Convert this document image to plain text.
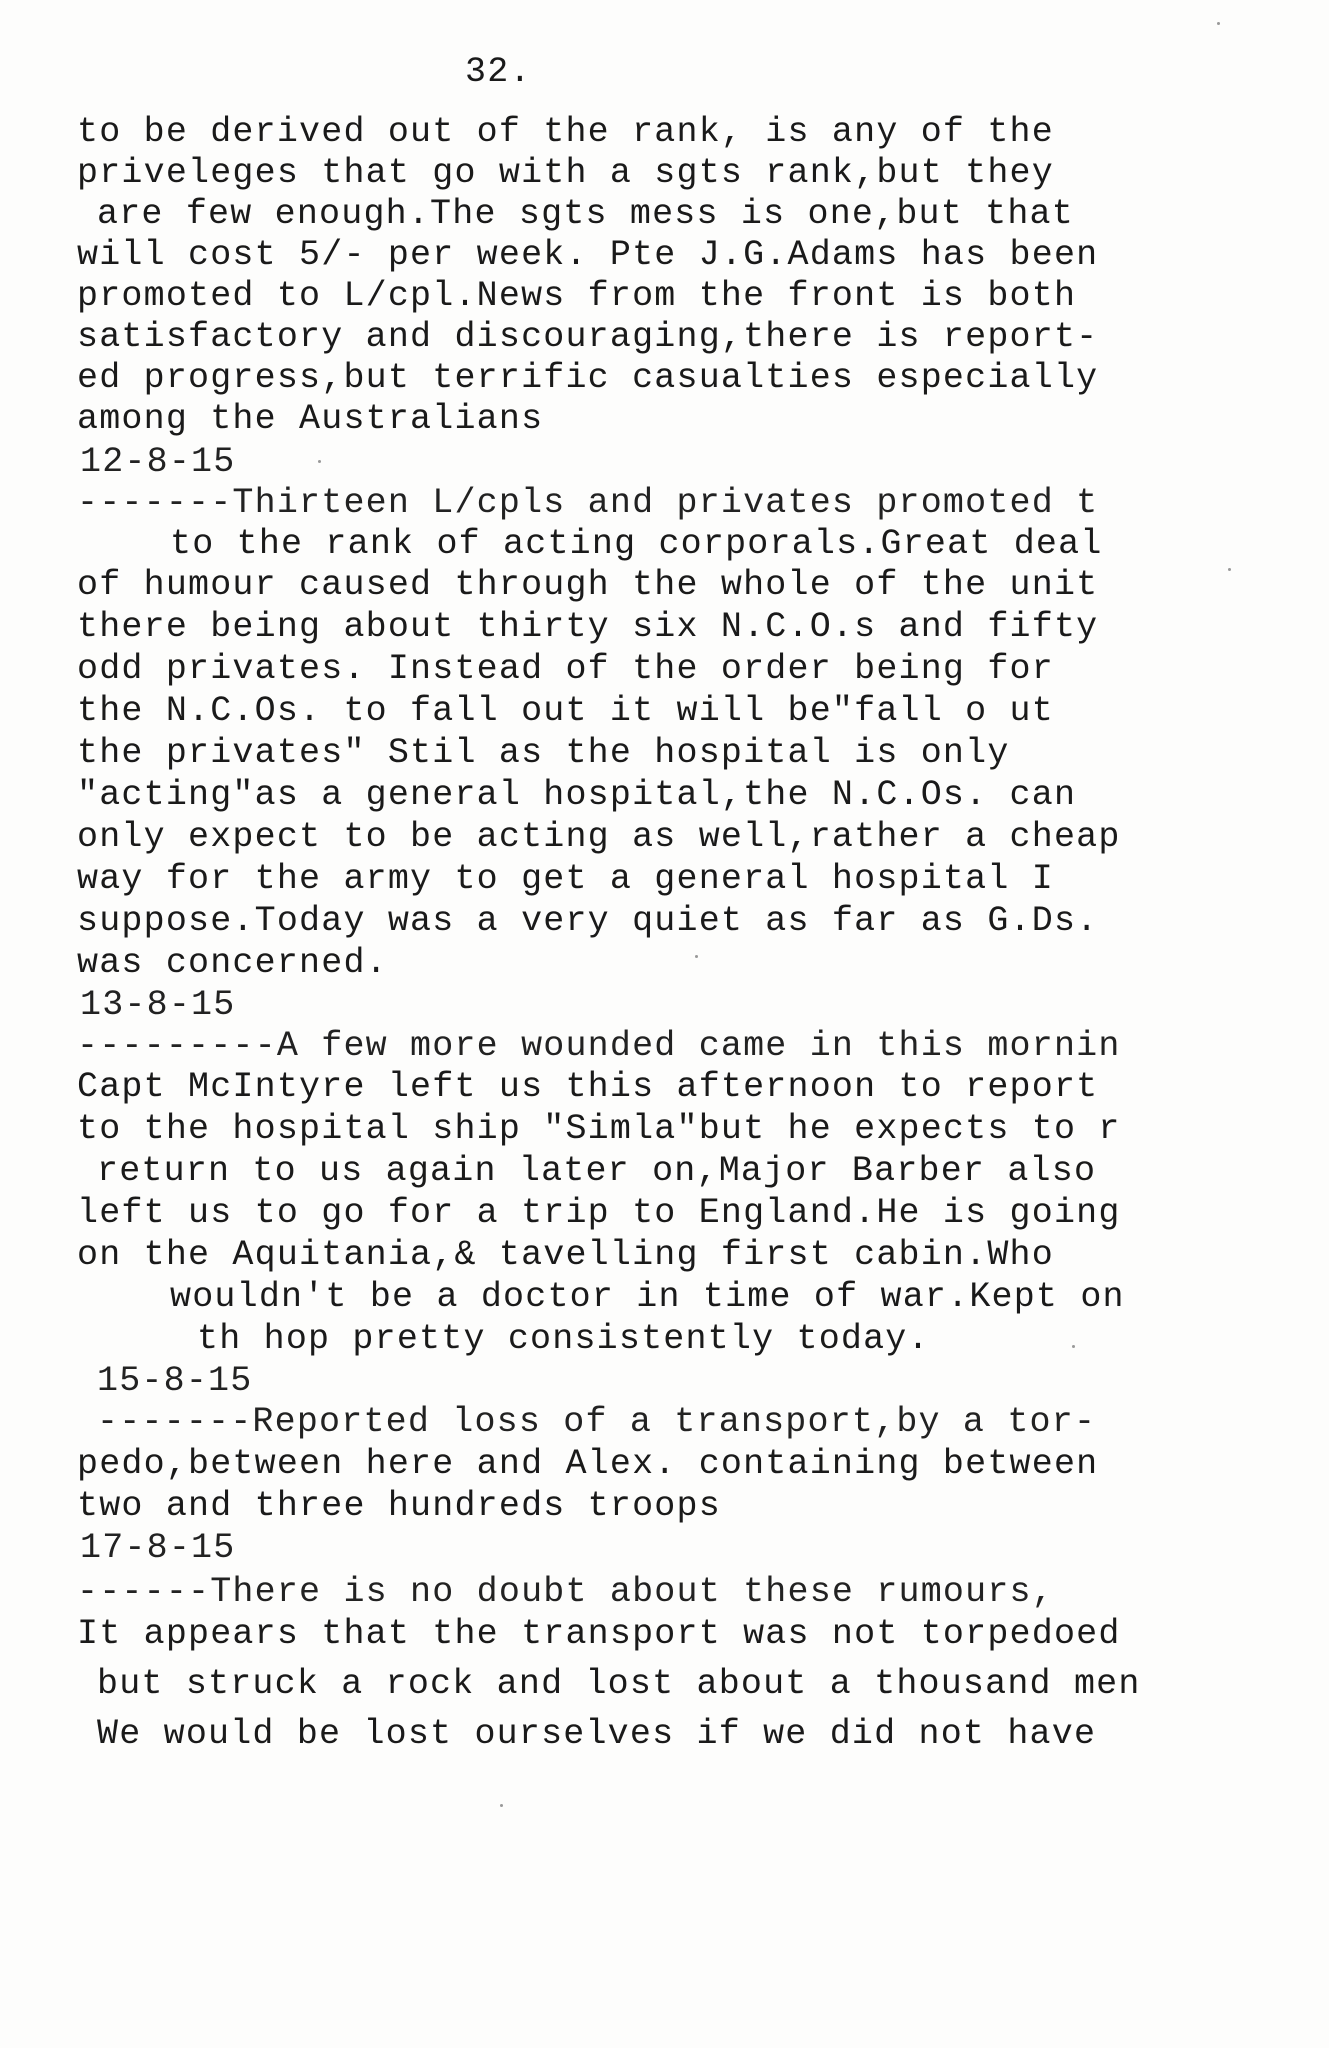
32.
to be derived out of the rank, is any of the
priveleges that go with a sgts rank,but they
are few enough.The sgts mess is one,but that
will cost 5/- per week. Pte J.G.Adams has been
promoted to L/cpl.News from the front is both
satisfactory and discouraging,there is report-
ed progress,but terrific casualties especially
among the Australians
12-8-15
-------Thirteen L/cpls and privates promoted t
to the rank of acting corporals.Great deal
of humour caused through the whole of the unit
there being about thirty six N.C.O.s and fifty
odd privates. Instead of the order being for
the N.C.Os. to fall out it will be"fall o ut
the privates" Stil as the hospital is only
"acting"as a general hospital,the N.C.Os. can
only expect to be acting as well,rather a cheap
way for the army to get a general hospital I
suppose.Today was a very quiet as far as G.Ds.
was concerned.
13-8-15
---------A few more wounded came in this mornin
Capt McIntyre left us this afternoon to report
to the hospital ship "Simla"but he expects to r
return to us again later on,Major Barber also
left us to go for a trip to England.He is going
on the Aquitania,& tavelling first cabin.Who
wouldn't be a doctor in time of war.Kept on
th hop pretty consistently today.
15-8-15
-------Reported loss of a transport,by a tor-
pedo,between here and Alex. containing between
two and three hundreds troops
17-8-15
------There is no doubt about these rumours,
It appears that the transport was not torpedoed
but struck a rock and lost about a thousand men
We would be lost ourselves if we did not have
